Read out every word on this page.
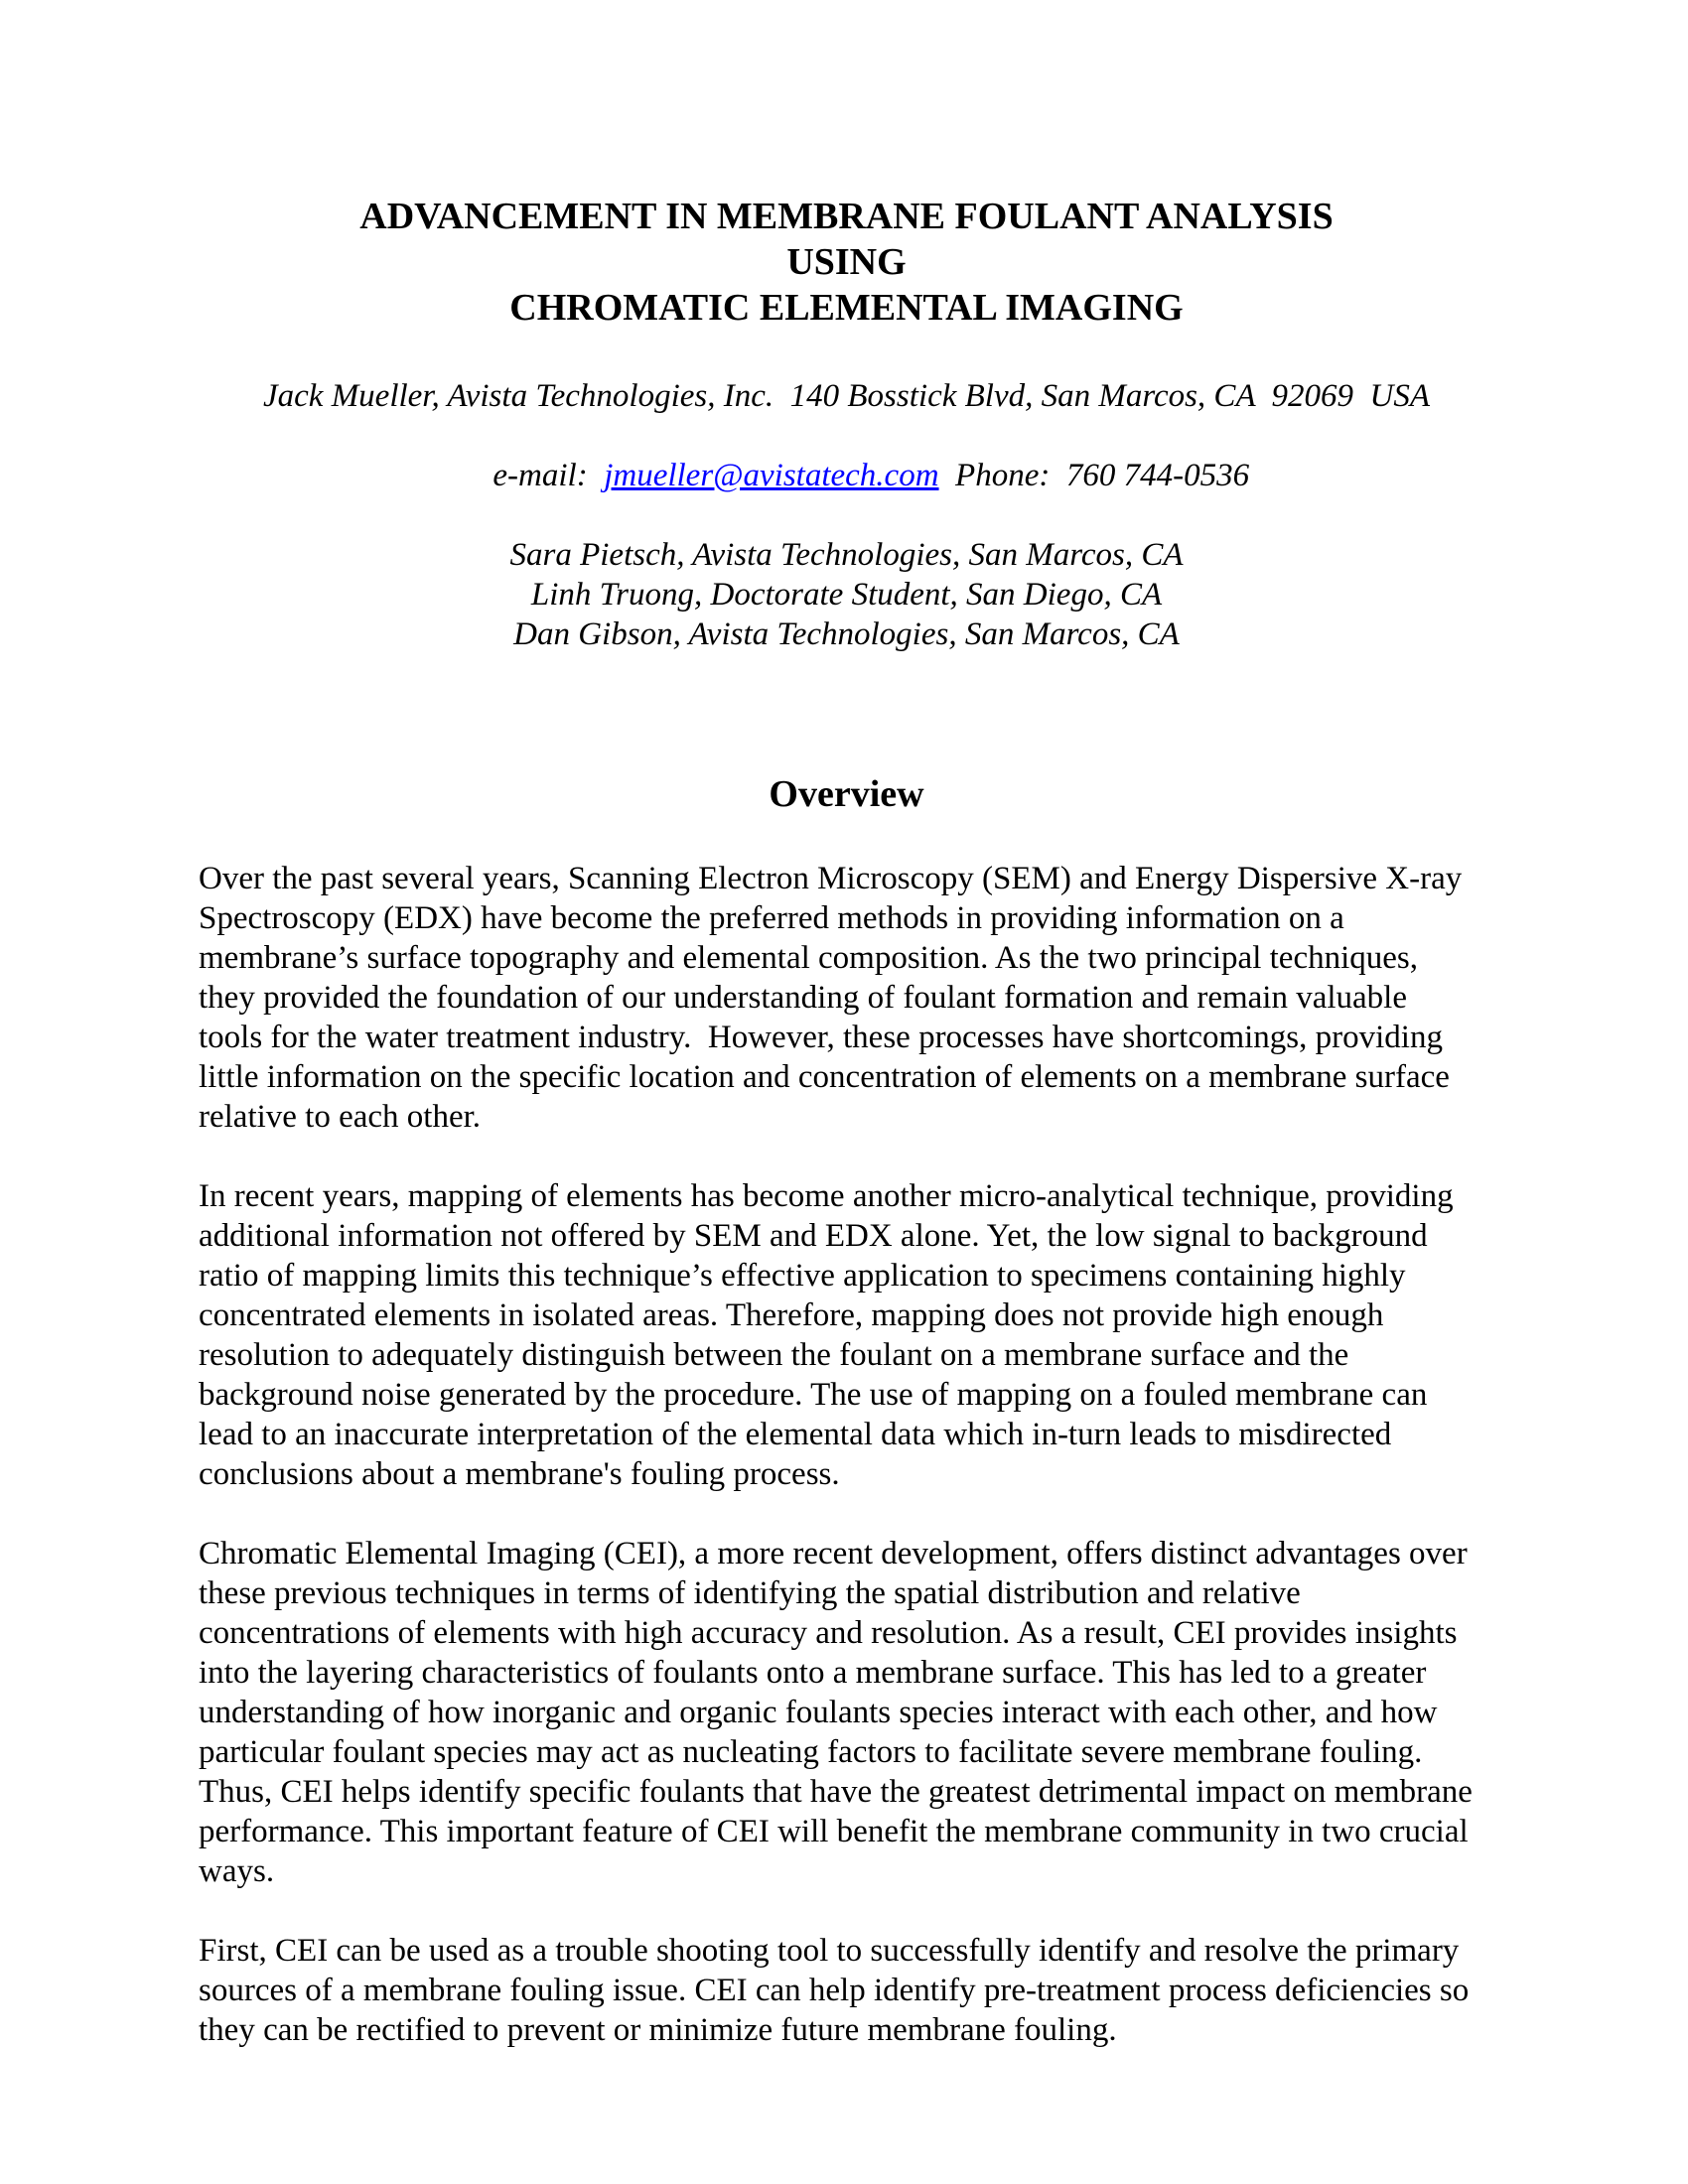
ADVANCEMENT IN MEMBRANE FOULANT ANALYSIS
USING
CHROMATIC ELEMENTAL IMAGING
Jack Mueller, Avista Technologies, Inc.  140 Bosstick Blvd, San Marcos, CA  92069  USA

e-mail:  jmueller@avistatech.com  Phone:  760 744-0536

Sara Pietsch, Avista Technologies, San Marcos, CA
Linh Truong, Doctorate Student, San Diego, CA
Dan Gibson, Avista Technologies, San Marcos, CA
Overview
Over the past several years, Scanning Electron Microscopy (SEM) and Energy Dispersive X-ray
Spectroscopy (EDX) have become the preferred methods in providing information on a
membrane’s surface topography and elemental composition. As the two principal techniques,
they provided the foundation of our understanding of foulant formation and remain valuable
tools for the water treatment industry.  However, these processes have shortcomings, providing
little information on the specific location and concentration of elements on a membrane surface
relative to each other.
In recent years, mapping of elements has become another micro-analytical technique, providing
additional information not offered by SEM and EDX alone. Yet, the low signal to background
ratio of mapping limits this technique’s effective application to specimens containing highly
concentrated elements in isolated areas. Therefore, mapping does not provide high enough
resolution to adequately distinguish between the foulant on a membrane surface and the
background noise generated by the procedure. The use of mapping on a fouled membrane can
lead to an inaccurate interpretation of the elemental data which in-turn leads to misdirected
conclusions about a membrane's fouling process.
Chromatic Elemental Imaging (CEI), a more recent development, offers distinct advantages over
these previous techniques in terms of identifying the spatial distribution and relative
concentrations of elements with high accuracy and resolution. As a result, CEI provides insights
into the layering characteristics of foulants onto a membrane surface. This has led to a greater
understanding of how inorganic and organic foulants species interact with each other, and how
particular foulant species may act as nucleating factors to facilitate severe membrane fouling.
Thus, CEI helps identify specific foulants that have the greatest detrimental impact on membrane
performance. This important feature of CEI will benefit the membrane community in two crucial
ways.
First, CEI can be used as a trouble shooting tool to successfully identify and resolve the primary
sources of a membrane fouling issue. CEI can help identify pre-treatment process deficiencies so
they can be rectified to prevent or minimize future membrane fouling.
